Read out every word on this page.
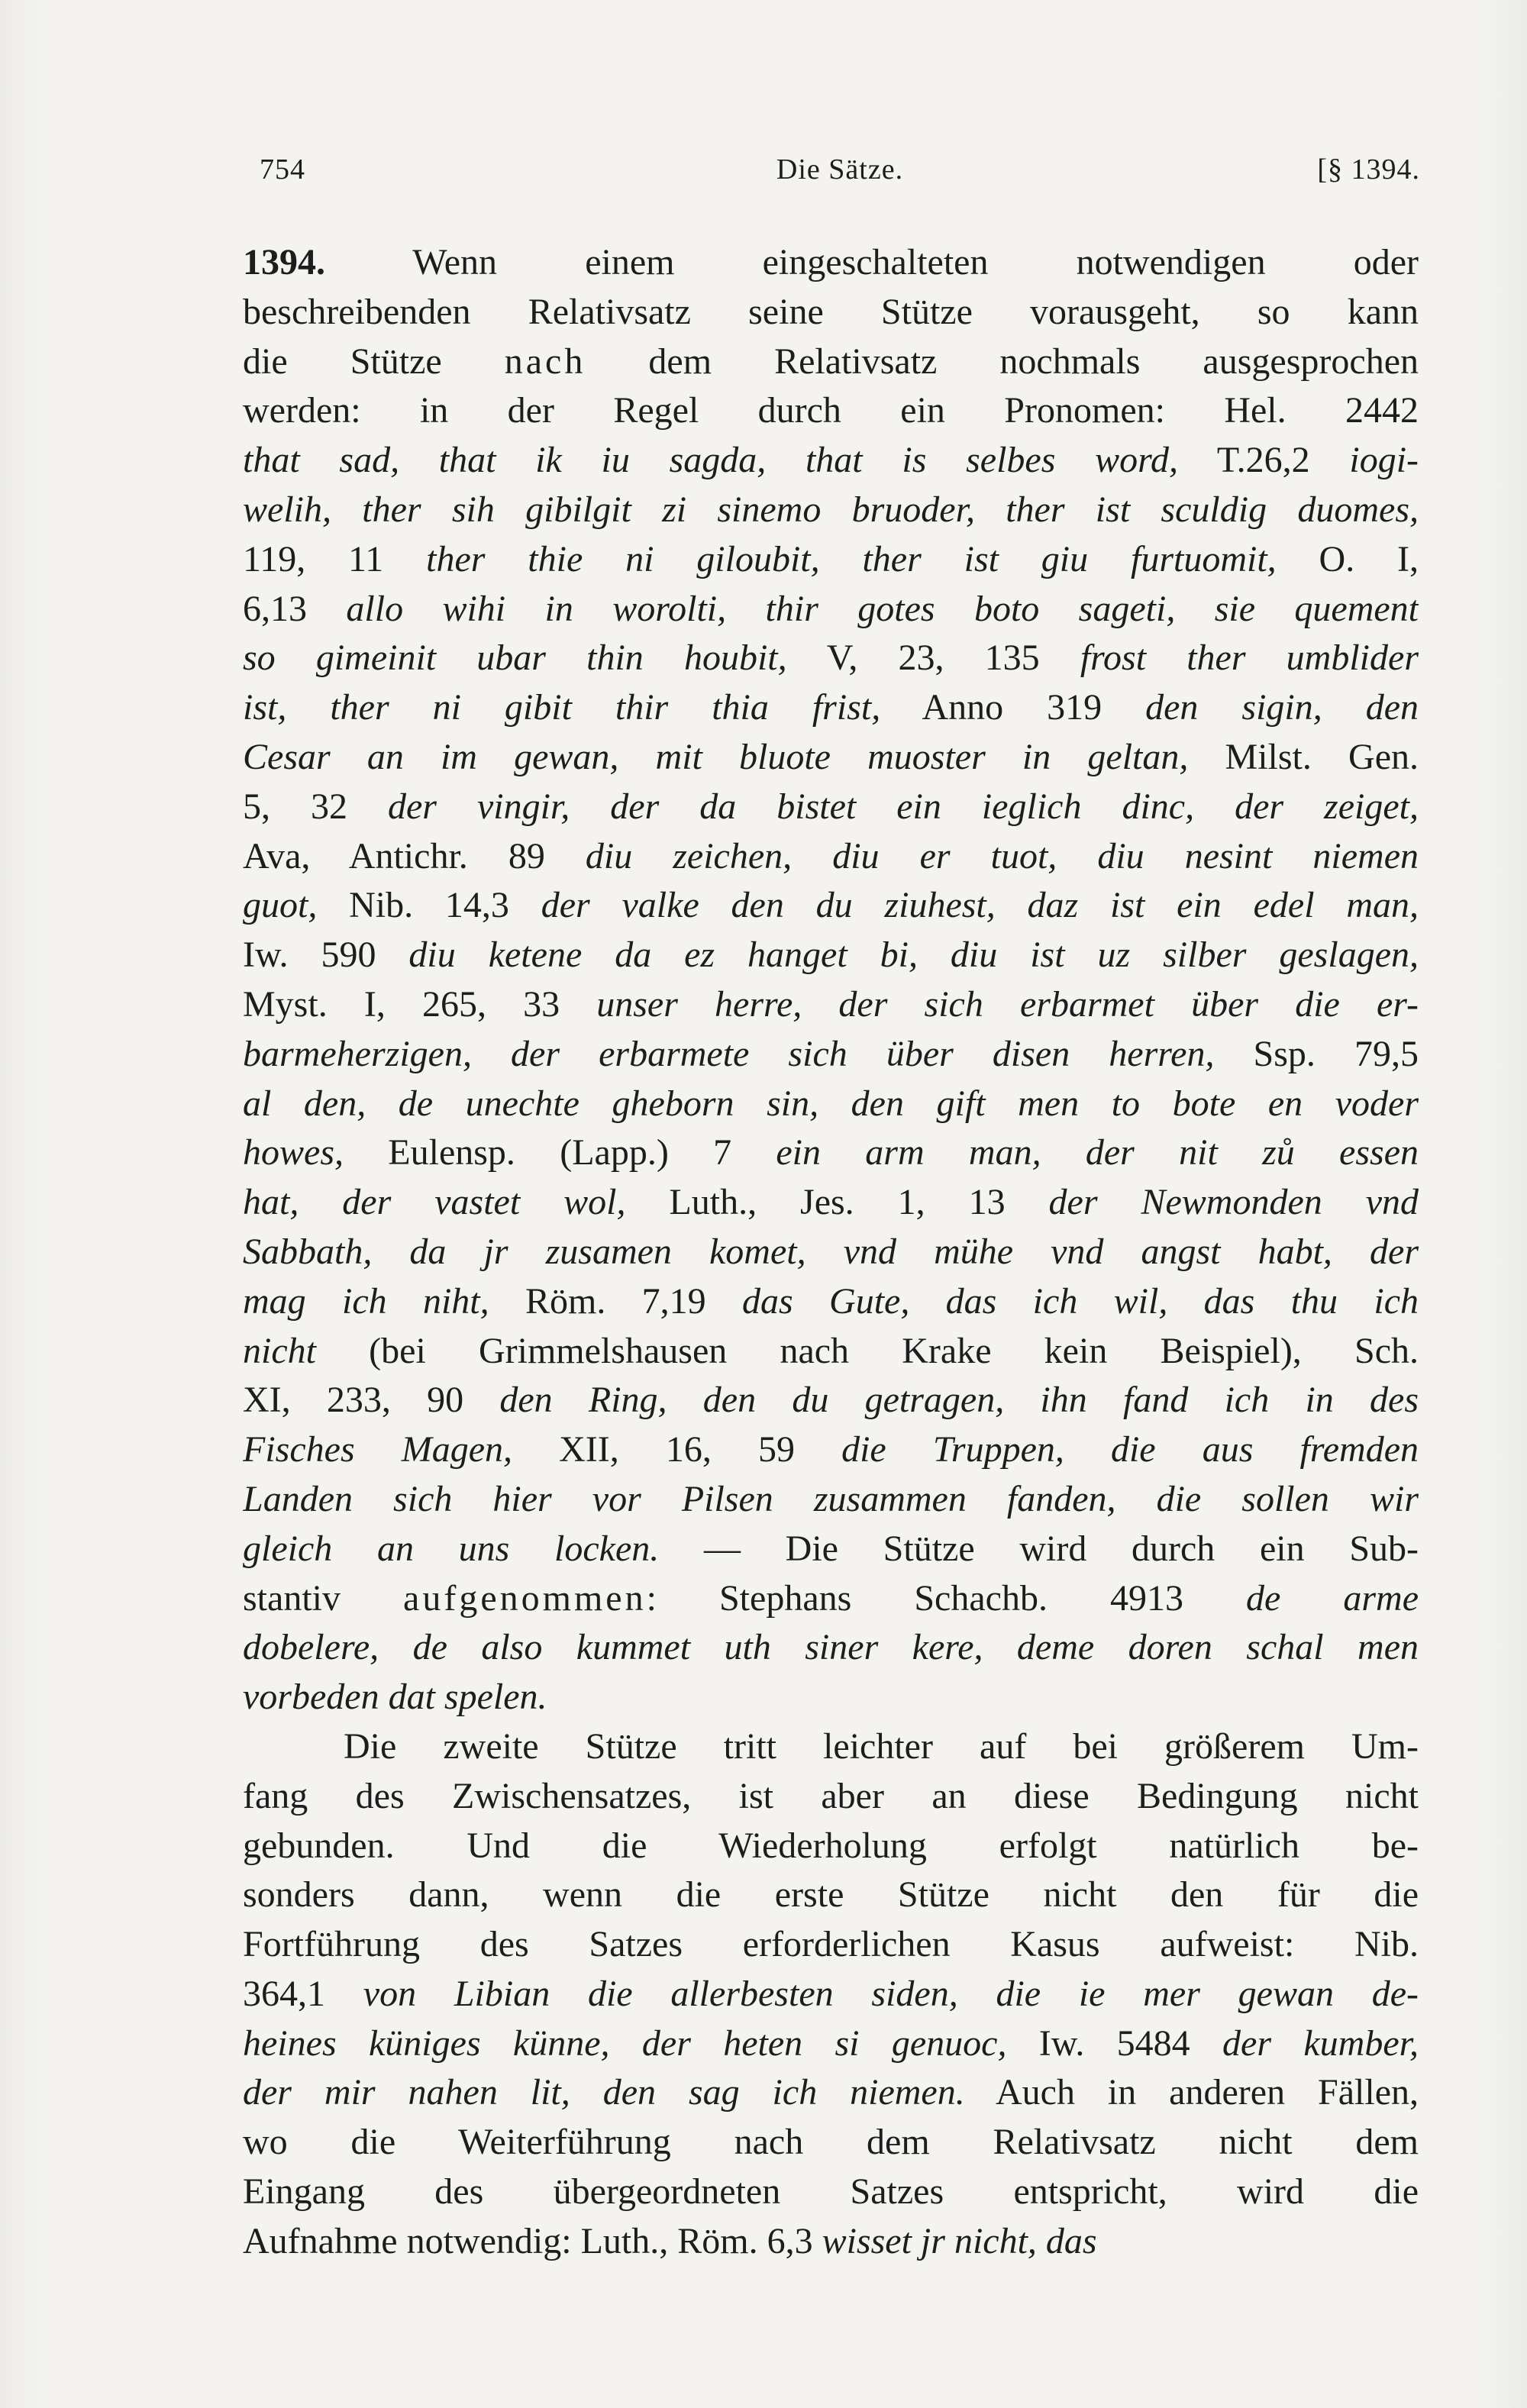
754	Die Sätze.	[§ 1394.
1394. Wenn einem eingeschalteten notwendigen oder
beschreibenden Relativsatz seine Stütze vorausgeht, so kann
die Stütze nach dem Relativsatz nochmals ausgesprochen
werden: in der Regel durch ein Pronomen: Hel. 2442
that sad, that ik iu sagda, that is selbes word, T.26,2 iogi-
welih, ther sih gibilgit zi sinemo bruoder, ther ist sculdig duomes,
119, 11 ther thie ni giloubit, ther ist giu furtuomit, O. I,
6,13 allo wihi in worolti, thir gotes boto sageti, sie quement
so gimeinit ubar thin houbit, V, 23, 135 frost ther umblider
ist, ther ni gibit thir thia frist, Anno 319 den sigin, den
Cesar an im gewan, mit bluote muoster in geltan, Milst. Gen.
5, 32 der vingir, der da bistet ein ieglich dinc, der zeiget,
Ava, Antichr. 89 diu zeichen, diu er tuot, diu nesint niemen
guot, Nib. 14,3 der valke den du ziuhest, daz ist ein edel man,
Iw. 590 diu ketene da ez hanget bi, diu ist uz silber geslagen,
Myst. I, 265, 33 unser herre, der sich erbarmet über die er-
barmeherzigen, der erbarmete sich über disen herren, Ssp. 79,5
al den, de unechte gheborn sin, den gift men to bote en voder
howes, Eulensp. (Lapp.) 7 ein arm man, der nit zů essen
hat, der vastet wol, Luth., Jes. 1, 13 der Newmonden vnd
Sabbath, da jr zusamen komet, vnd mühe vnd angst habt, der
mag ich niht, Röm. 7,19 das Gute, das ich wil, das thu ich
nicht (bei Grimmelshausen nach Krake kein Beispiel), Sch.
XI, 233, 90 den Ring, den du getragen, ihn fand ich in des
Fisches Magen, XII, 16, 59 die Truppen, die aus fremden
Landen sich hier vor Pilsen zusammen fanden, die sollen wir
gleich an uns locken. — Die Stütze wird durch ein Sub-
stantiv aufgenommen: Stephans Schachb. 4913 de arme
dobelere, de also kummet uth siner kere, deme doren schal men
vorbeden dat spelen.
Die zweite Stütze tritt leichter auf bei größerem Um-
fang des Zwischensatzes, ist aber an diese Bedingung nicht
gebunden. Und die Wiederholung erfolgt natürlich be-
sonders dann, wenn die erste Stütze nicht den für die
Fortführung des Satzes erforderlichen Kasus aufweist: Nib.
364,1 von Libian die allerbesten siden, die ie mer gewan de-
heines küniges künne, der heten si genuoc, Iw. 5484 der kumber,
der mir nahen lit, den sag ich niemen. Auch in anderen Fällen,
wo die Weiterführung nach dem Relativsatz nicht dem
Eingang des übergeordneten Satzes entspricht, wird die
Aufnahme notwendig: Luth., Röm. 6,3 wisset jr nicht, das
